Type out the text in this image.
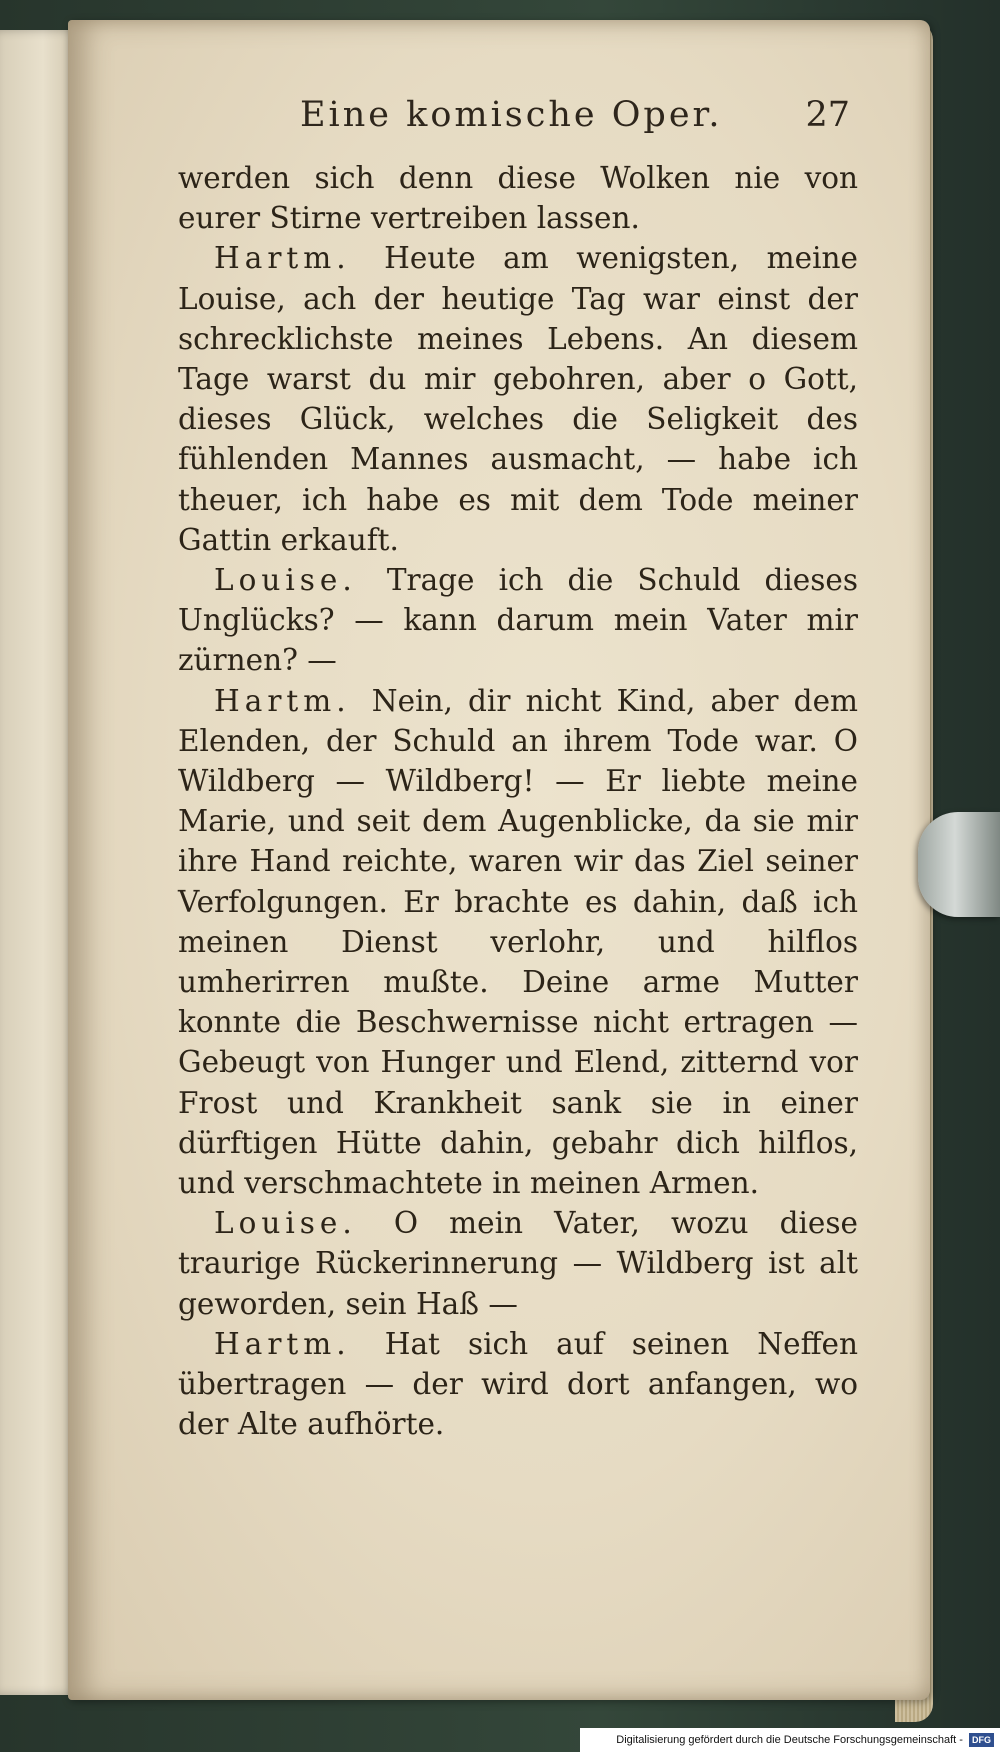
Eine komische Oper. 27

werden sich denn diese Wolken nie von eurer Stirne vertreiben lassen.

Hartm. Heute am wenigsten, meine Louise, ach der heutige Tag war einst der schrecklichste meines Lebens. An diesem Tage warst du mir gebohren, aber o Gott, dieses Glück, welches die Seligkeit des fühlenden Mannes ausmacht, — habe ich theuer, ich habe es mit dem Tode meiner Gattin erkauft.

Louise. Trage ich die Schuld dieses Unglücks? — kann darum mein Vater mir zürnen? —

Hartm. Nein, dir nicht Kind, aber dem Elenden, der Schuld an ihrem Tode war. O Wildberg — Wildberg! — Er liebte meine Marie, und seit dem Augenblicke, da sie mir ihre Hand reichte, waren wir das Ziel seiner Verfolgungen. Er brachte es dahin, daß ich meinen Dienst verlohr, und hilflos umherirren mußte. Deine arme Mutter konnte die Beschwernisse nicht ertragen — Gebeugt von Hunger und Elend, zitternd vor Frost und Krankheit sank sie in einer dürftigen Hütte dahin, gebahr dich hilflos, und verschmachtete in meinen Armen.

Louise. O mein Vater, wozu diese traurige Rückerinnerung — Wildberg ist alt geworden, sein Haß —

Hartm. Hat sich auf seinen Neffen übertragen — der wird dort anfangen, wo der Alte aufhörte.

Digitalisierung gefördert durch die Deutsche Forschungsgemeinschaft - DFG
